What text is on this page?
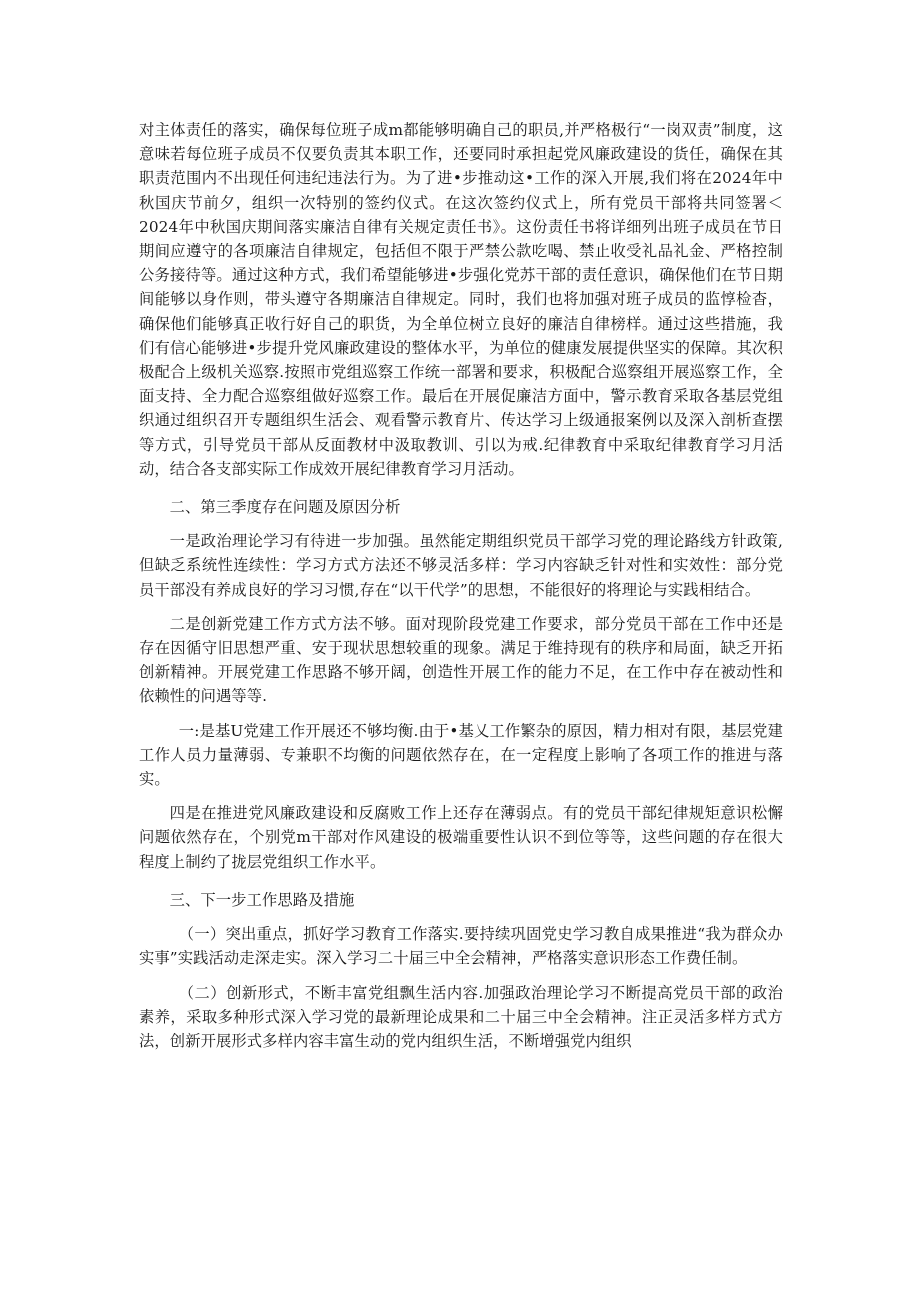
对主体责任的落实，确保每位班子成m都能够明确自己的职员,并严格极行“一岗双责”制度，这意味若每位班子成员不仅要负责其本职工作，还要同时承担起党风廉政建设的货任，确保在其职责范围内不出现任何违纪违法行为。为了进•步推动这•工作的深入开展,我们将在2024年中秋国庆节前夕，组织一次特别的签约仪式。在这次签约仪式上，所有党员干部将共同签署＜2024年中秋国庆期间落实廉洁自律有关规定责任书》。这份责任书将详细列出班子成员在节日期间应遵守的各项廉洁自律规定，包括但不限于严禁公款吃喝、禁止收受礼品礼金、严格控制公务接待等。通过这种方式，我们希望能够进•步强化党苏干部的责任意识，确保他们在节日期间能够以身作则，带头遵守各期廉洁自律规定。同时，我们也将加强对班子成员的监惇检杳，确保他们能够真正收行好自己的职货，为全单位树立良好的廉洁自律榜样。通过这些措施，我们有信心能够进•步提升党风廉政建设的整体水平，为单位的健康发展提供坚实的保障。其次积极配合上级机关巡察.按照市党组巡察工作统一部署和要求，积极配合巡察组开展巡察工作，全面支持、全力配合巡察组做好巡察工作。最后在开展促廉洁方面中，警示教育采取各基层党组织通过组织召开专题组织生活会、观看警示教育片、传达学习上级通报案例以及深入剖析查摆等方式，引导党员干部从反面教材中汲取教训、引以为戒.纪律教育中采取纪律教育学习月活动，结合各支部实际工作成效开展纪律教育学习月活动。

二、第三季度存在问题及原因分析

一是政治理论学习有待进一步加强。虽然能定期组织党员干部学习党的理论路线方针政策,但缺乏系统性连续性：学习方式方法还不够灵活多样：学习内容缺乏针对性和实效性：部分党员干部没有养成良好的学习习惯,存在“以干代学”的思想，不能很好的将理论与实践相结合。

二是创新党建工作方式方法不够。面对现阶段党建工作要求，部分党员干部在工作中还是存在因循守旧思想严重、安于现状思想较重的现象。满足于维持现有的秩序和局面，缺乏开拓创新精神。开展党建工作思路不够开阔，创造性开展工作的能力不足，在工作中存在被动性和依赖性的问遇等等.

一:是基U党建工作开展还不够均衡.由于•基乂工作繁杂的原因，精力相对有限，基层党建工作人员力量薄弱、专兼职不均衡的问题依然存在，在一定程度上影响了各项工作的推进与落实。

四是在推进党风廉政建设和反腐败工作上还存在薄弱点。有的党员干部纪律规矩意识松懈问题依然存在，个别党m干部对作风建设的极端重要性认识不到位等等，这些问题的存在很大程度上制约了拢层党组织工作水平。

三、下一步工作思路及措施

（一）突出重点，抓好学习教育工作落实.要持续巩固党史学习教自成果推进“我为群众办实事”实践活动走深走实。深入学习二十届三中全会精神，严格落实意识形态工作费任制。

（二）创新形式，不断丰富党组飘生活内容.加强政治理论学习不断提高党员干部的政治素养，采取多种形式深入学习党的最新理论成果和二十届三中全会精神。注正灵活多样方式方法，创新开展形式多样内容丰富生动的党内组织生活，不断增强党内组织
